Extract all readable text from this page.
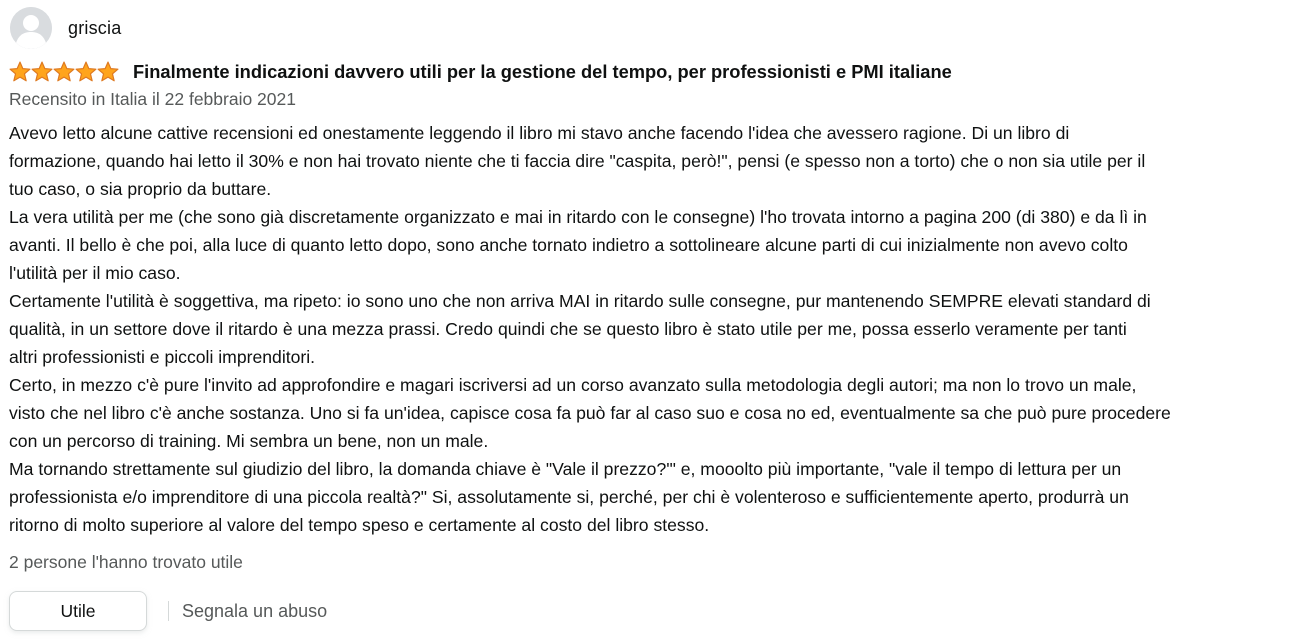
griscia
Finalmente indicazioni davvero utili per la gestione del tempo, per professionisti e PMI italiane
Recensito in Italia il 22 febbraio 2021
Avevo letto alcune cattive recensioni ed onestamente leggendo il libro mi stavo anche facendo l'idea che avessero ragione. Di un libro di
formazione, quando hai letto il 30% e non hai trovato niente che ti faccia dire "caspita, però!", pensi (e spesso non a torto) che o non sia utile per il
tuo caso, o sia proprio da buttare.
La vera utilità per me (che sono già discretamente organizzato e mai in ritardo con le consegne) l'ho trovata intorno a pagina 200 (di 380) e da lì in
avanti. Il bello è che poi, alla luce di quanto letto dopo, sono anche tornato indietro a sottolineare alcune parti di cui inizialmente non avevo colto
l'utilità per il mio caso.
Certamente l'utilità è soggettiva, ma ripeto: io sono uno che non arriva MAI in ritardo sulle consegne, pur mantenendo SEMPRE elevati standard di
qualità, in un settore dove il ritardo è una mezza prassi. Credo quindi che se questo libro è stato utile per me, possa esserlo veramente per tanti
altri professionisti e piccoli imprenditori.
Certo, in mezzo c'è pure l'invito ad approfondire e magari iscriversi ad un corso avanzato sulla metodologia degli autori; ma non lo trovo un male,
visto che nel libro c'è anche sostanza. Uno si fa un'idea, capisce cosa fa può far al caso suo e cosa no ed, eventualmente sa che può pure procedere
con un percorso di training. Mi sembra un bene, non un male.
Ma tornando strettamente sul giudizio del libro, la domanda chiave è "Vale il prezzo?'" e, mooolto più importante, "vale il tempo di lettura per un
professionista e/o imprenditore di una piccola realtà?" Si, assolutamente si, perché, per chi è volenteroso e sufficientemente aperto, produrrà un
ritorno di molto superiore al valore del tempo speso e certamente al costo del libro stesso.
2 persone l'hanno trovato utile
Utile	Segnala un abuso
